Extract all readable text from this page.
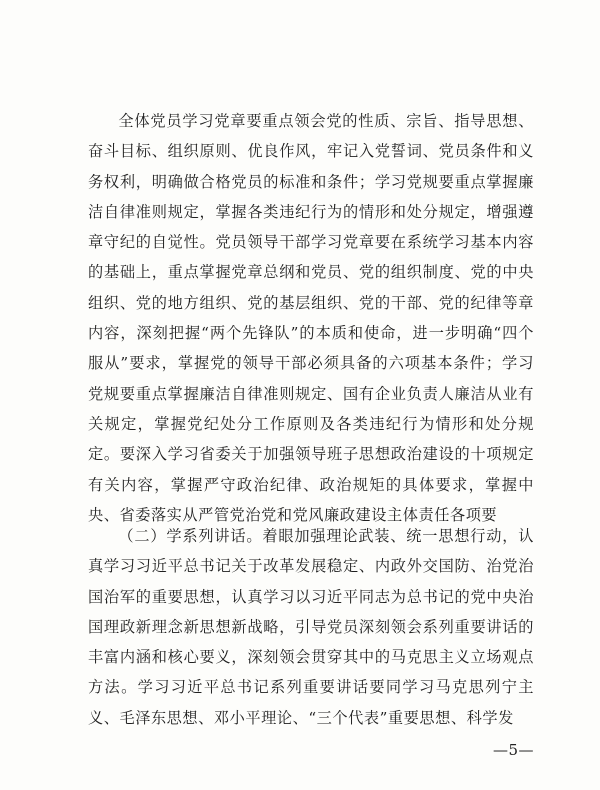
全体党员学习党章要重点领会党的性质、宗旨、指导思想、奋斗目标、组织原则、优良作风，牢记入党誓词、党员条件和义务权利，明确做合格党员的标准和条件；学习党规要重点掌握廉洁自律准则规定，掌握各类违纪行为的情形和处分规定，增强遵章守纪的自觉性。党员领导干部学习党章要在系统学习基本内容的基础上，重点掌握党章总纲和党员、党的组织制度、党的中央组织、党的地方组织、党的基层组织、党的干部、党的纪律等章内容，深刻把握“两个先锋队”的本质和使命，进一步明确“四个服从”要求，掌握党的领导干部必须具备的六项基本条件；学习党规要重点掌握廉洁自律准则规定、国有企业负责人廉洁从业有关规定，掌握党纪处分工作原则及各类违纪行为情形和处分规定。要深入学习省委关于加强领导班子思想政治建设的十项规定有关内容，掌握严守政治纪律、政治规矩的具体要求，掌握中央、省委落实从严管党治党和党风廉政建设主体责任各项要

（二）学系列讲话。着眼加强理论武装、统一思想行动，认真学习习近平总书记关于改革发展稳定、内政外交国防、治党治国治军的重要思想，认真学习以习近平同志为总书记的党中央治国理政新理念新思想新战略，引导党员深刻领会系列重要讲话的丰富内涵和核心要义，深刻领会贯穿其中的马克思主义立场观点方法。学习习近平总书记系列重要讲话要同学习马克思列宁主义、毛泽东思想、邓小平理论、“三个代表”重要思想、科学发

—5—
